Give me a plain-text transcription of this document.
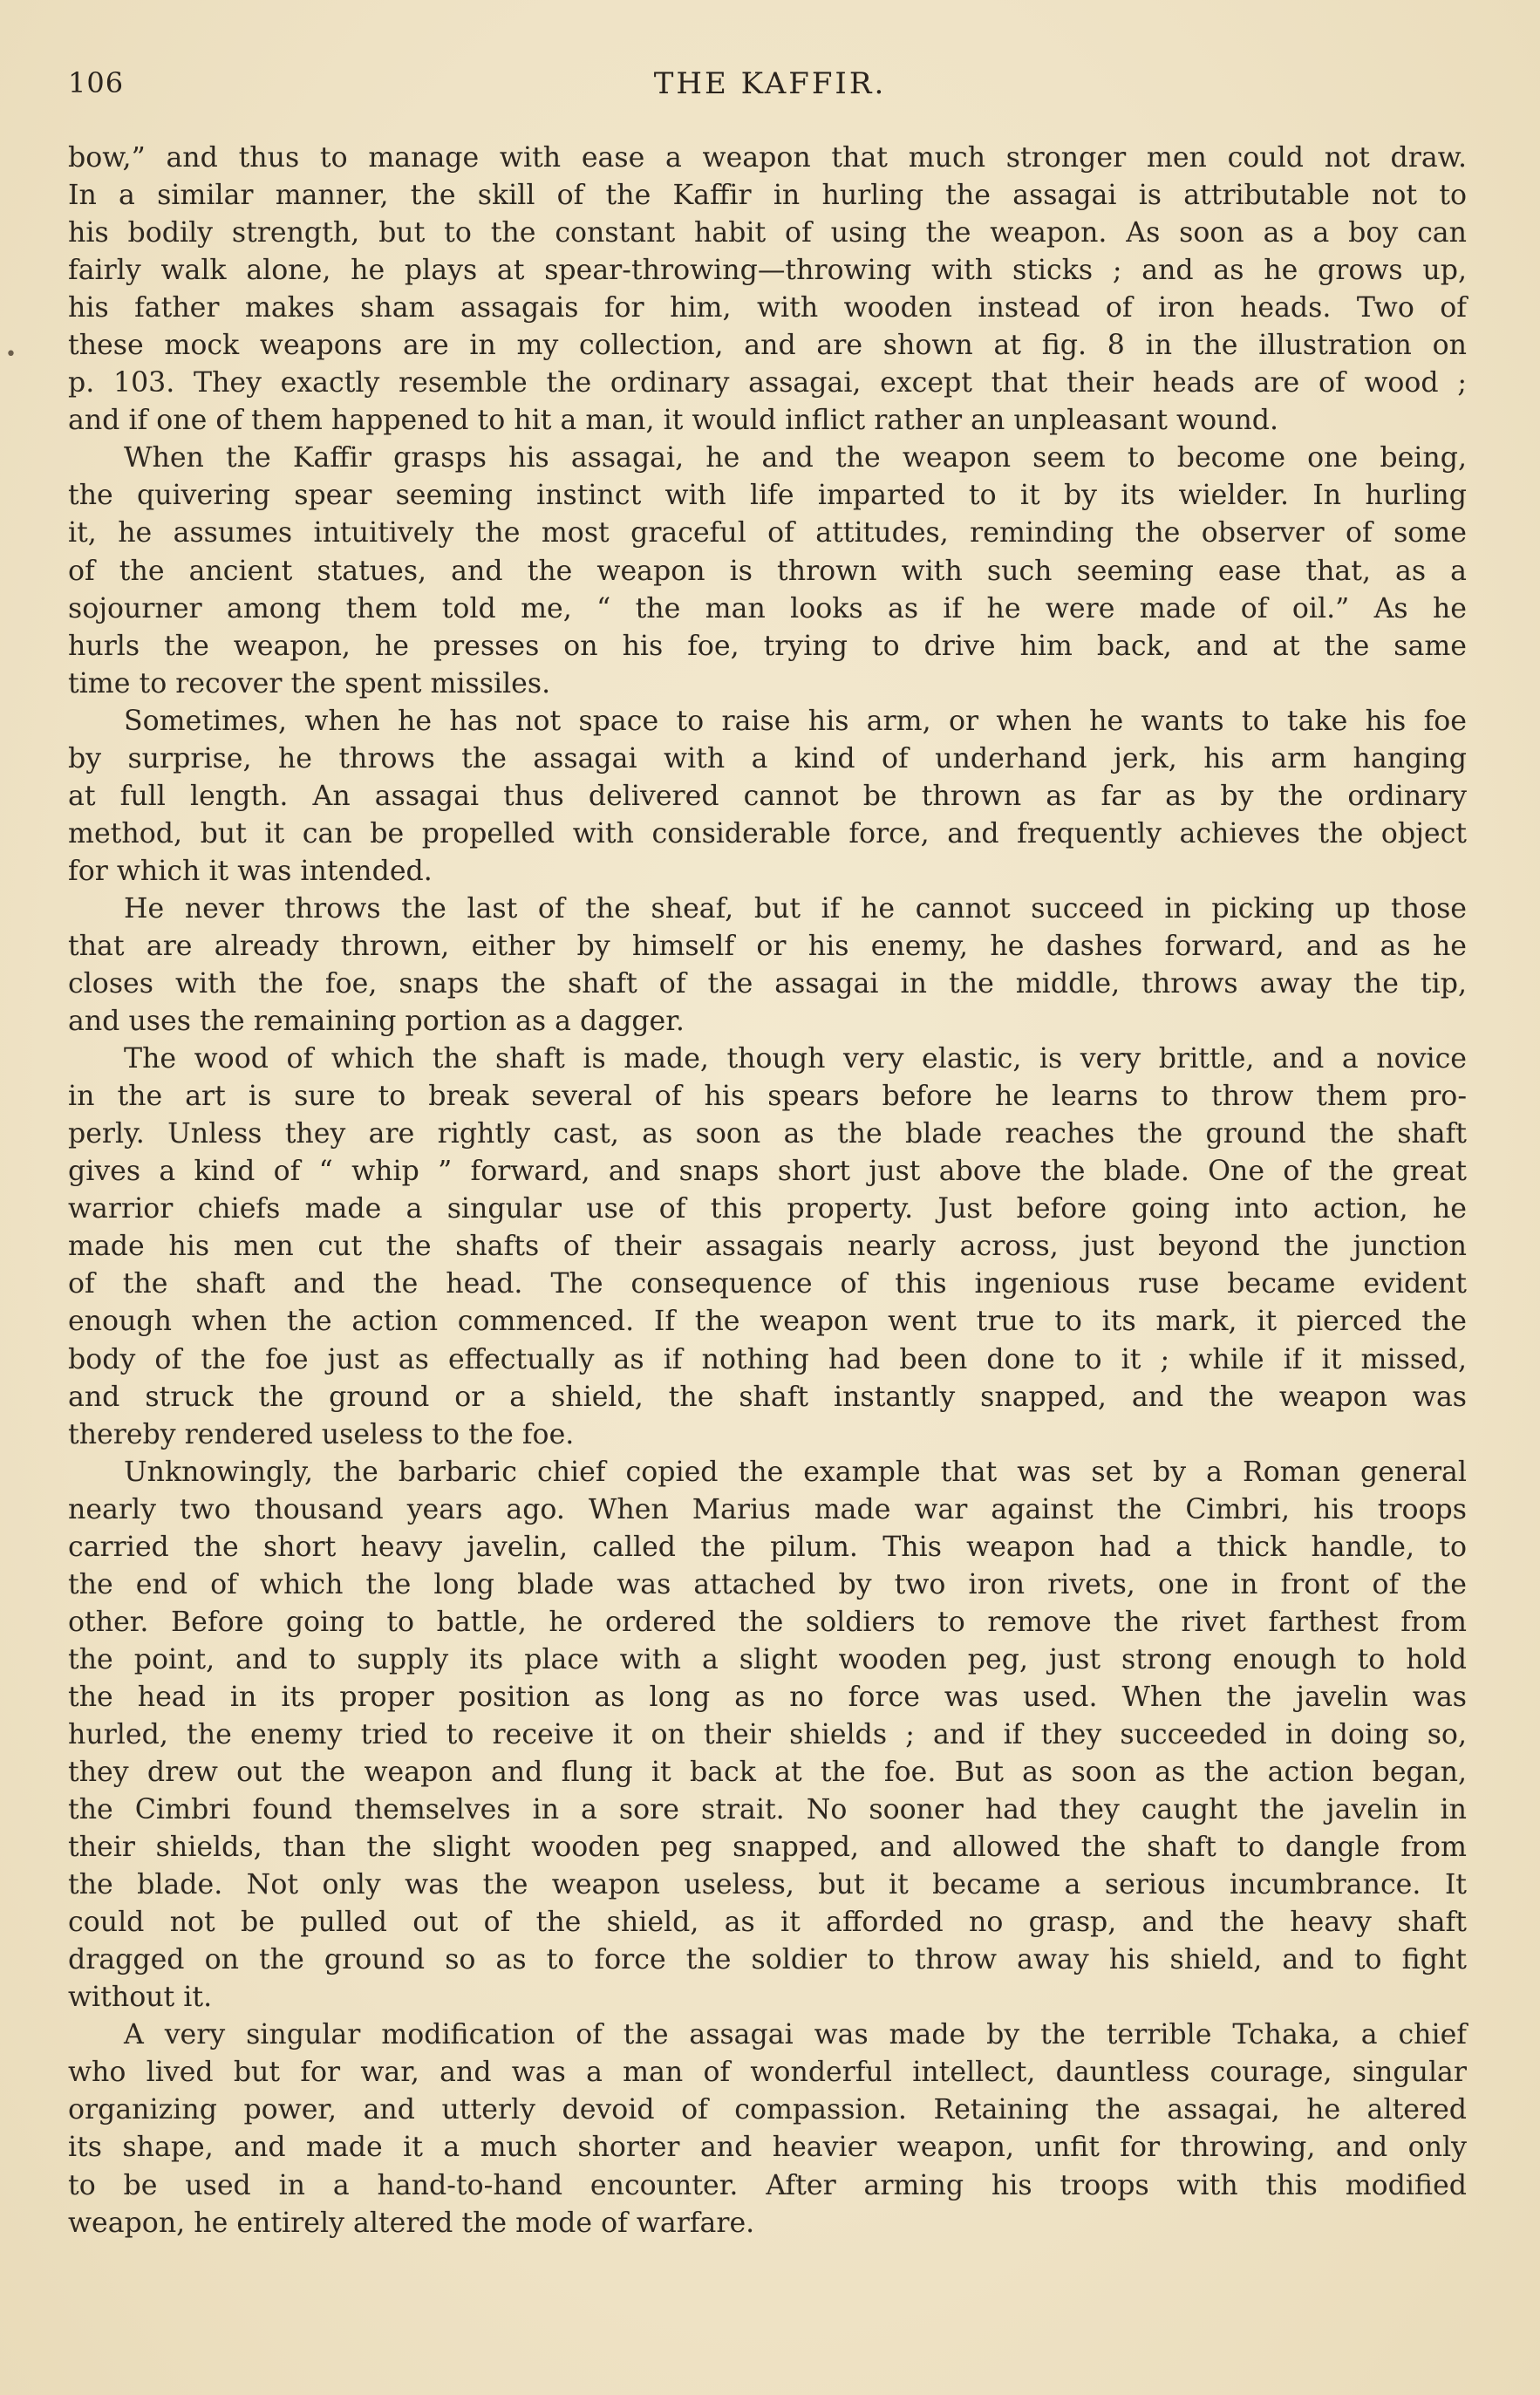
106	THE KAFFIR.
•

bow,” and thus to manage with ease a weapon that much stronger men could not draw.
In a similar manner, the skill of the Kaffir in hurling the assagai is attributable not to
his bodily strength, but to the constant habit of using the weapon. As soon as a boy can
fairly walk alone, he plays at spear-throwing—throwing with sticks ; and as he grows up,
his father makes sham assagais for him, with wooden instead of iron heads. Two of
these mock weapons are in my collection, and are shown at fig. 8 in the illustration on
p. 103. They exactly resemble the ordinary assagai, except that their heads are of wood ;
and if one of them happened to hit a man, it would inflict rather an unpleasant wound.

When the Kaffir grasps his assagai, he and the weapon seem to become one being,
the quivering spear seeming instinct with life imparted to it by its wielder. In hurling
it, he assumes intuitively the most graceful of attitudes, reminding the observer of some
of the ancient statues, and the weapon is thrown with such seeming ease that, as a
sojourner among them told me, “ the man looks as if he were made of oil.” As he
hurls the weapon, he presses on his foe, trying to drive him back, and at the same
time to recover the spent missiles.

Sometimes, when he has not space to raise his arm, or when he wants to take his foe
by surprise, he throws the assagai with a kind of underhand jerk, his arm hanging
at full length. An assagai thus delivered cannot be thrown as far as by the ordinary
method, but it can be propelled with considerable force, and frequently achieves the object
for which it was intended.

He never throws the last of the sheaf, but if he cannot succeed in picking up those
that are already thrown, either by himself or his enemy, he dashes forward, and as he
closes with the foe, snaps the shaft of the assagai in the middle, throws away the tip,
and uses the remaining portion as a dagger.

The wood of which the shaft is made, though very elastic, is very brittle, and a novice
in the art is sure to break several of his spears before he learns to throw them pro-
perly. Unless they are rightly cast, as soon as the blade reaches the ground the shaft
gives a kind of “ whip ” forward, and snaps short just above the blade. One of the great
warrior chiefs made a singular use of this property. Just before going into action, he
made his men cut the shafts of their assagais nearly across, just beyond the junction
of the shaft and the head. The consequence of this ingenious ruse became evident
enough when the action commenced. If the weapon went true to its mark, it pierced the
body of the foe just as effectually as if nothing had been done to it ; while if it missed,
and struck the ground or a shield, the shaft instantly snapped, and the weapon was
thereby rendered useless to the foe.

Unknowingly, the barbaric chief copied the example that was set by a Roman general
nearly two thousand years ago. When Marius made war against the Cimbri, his troops
carried the short heavy javelin, called the pilum. This weapon had a thick handle, to
the end of which the long blade was attached by two iron rivets, one in front of the
other. Before going to battle, he ordered the soldiers to remove the rivet farthest from
the point, and to supply its place with a slight wooden peg, just strong enough to hold
the head in its proper position as long as no force was used. When the javelin was
hurled, the enemy tried to receive it on their shields ; and if they succeeded in doing so,
they drew out the weapon and flung it back at the foe. But as soon as the action began,
the Cimbri found themselves in a sore strait. No sooner had they caught the javelin in
their shields, than the slight wooden peg snapped, and allowed the shaft to dangle from
the blade. Not only was the weapon useless, but it became a serious incumbrance. It
could not be pulled out of the shield, as it afforded no grasp, and the heavy shaft
dragged on the ground so as to force the soldier to throw away his shield, and to fight
without it.

A very singular modification of the assagai was made by the terrible Tchaka, a chief
who lived but for war, and was a man of wonderful intellect, dauntless courage, singular
organizing power, and utterly devoid of compassion. Retaining the assagai, he altered
its shape, and made it a much shorter and heavier weapon, unfit for throwing, and only
to be used in a hand-to-hand encounter. After arming his troops with this modified
weapon, he entirely altered the mode of warfare.
